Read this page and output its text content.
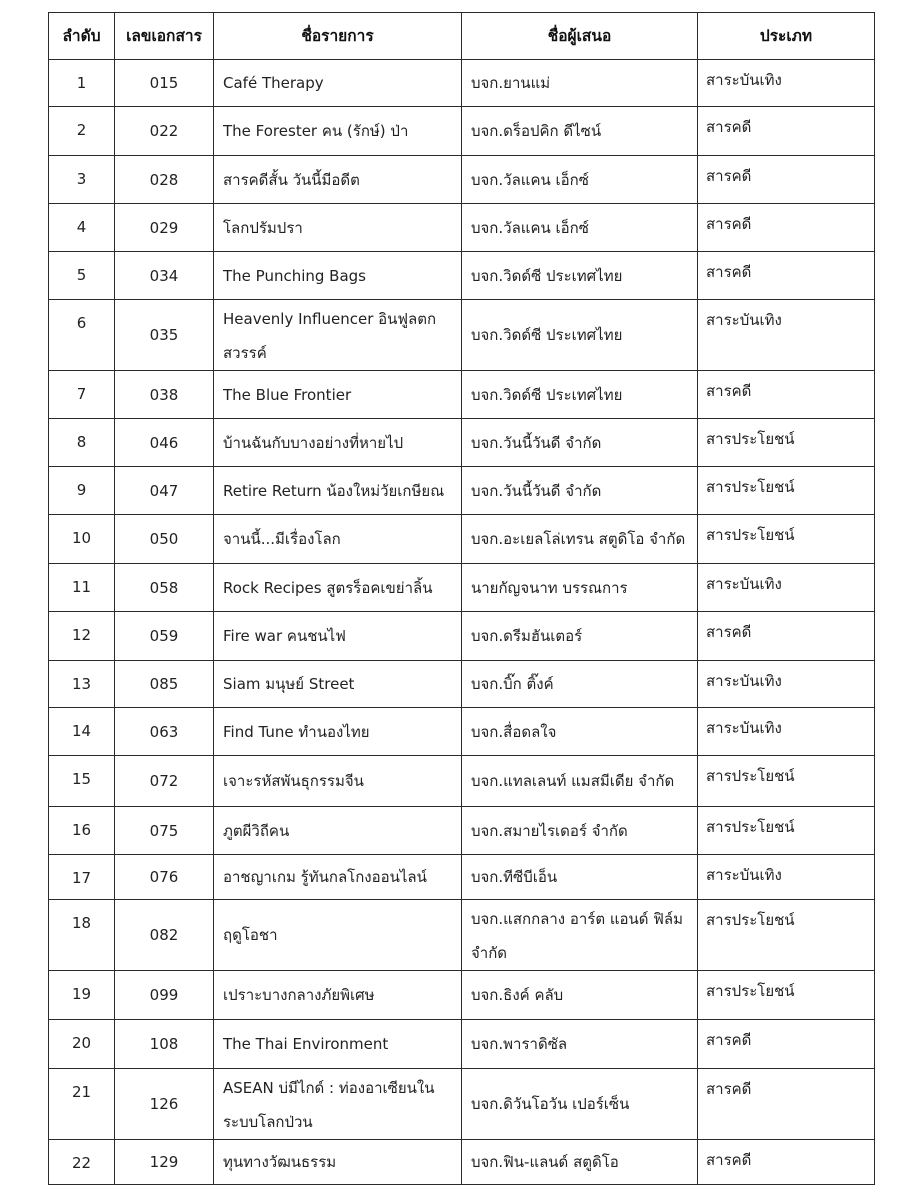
ลำดับ	เลขเอกสาร	ชื่อรายการ	ชื่อผู้เสนอ	ประเภท
1	015	Café Therapy	บจก.ยานแม่	สาระบันเทิง
2	022	The Forester คน (รักษ์) ป่า	บจก.ดร็อปคิก ดีไซน์	สารคดี
3	028	สารคดีสั้น วันนี้มีอดีต	บจก.วัลแคน เอ็กซ์	สารคดี
4	029	โลกปรัมปรา	บจก.วัลแคน เอ็กซ์	สารคดี
5	034	The Punching Bags	บจก.วิดด์ซี ประเทศไทย	สารคดี
6	035	Heavenly Influencer อินฟูลตก สวรรค์	บจก.วิดด์ซี ประเทศไทย	สาระบันเทิง
7	038	The Blue Frontier	บจก.วิดด์ซี ประเทศไทย	สารคดี
8	046	บ้านฉันกับบางอย่างที่หายไป	บจก.วันนี้วันดี จำกัด	สารประโยชน์
9	047	Retire Return น้องใหม่วัยเกษียณ	บจก.วันนี้วันดี จำกัด	สารประโยชน์
10	050	จานนี้...มีเรื่องโลก	บจก.อะเยลโล่เทรน สตูดิโอ จำกัด	สารประโยชน์
11	058	Rock Recipes สูตรร็อคเขย่าลิ้น	นายกัญจนาท บรรณการ	สาระบันเทิง
12	059	Fire war คนชนไฟ	บจก.ดรีมฮันเตอร์	สารคดี
13	085	Siam มนุษย์ Street	บจก.บิ๊ก ติ๊งค์	สาระบันเทิง
14	063	Find Tune ทำนองไทย	บจก.สื่อดลใจ	สาระบันเทิง
15	072	เจาะรหัสพันธุกรรมจีน	บจก.แทลเลนท์ แมสมีเดีย จำกัด	สารประโยชน์
16	075	ภูตผีวิถีคน	บจก.สมายไรเดอร์ จำกัด	สารประโยชน์
17	076	อาชญาเกม รู้ทันกลโกงออนไลน์	บจก.ทีซีบีเอ็น	สาระบันเทิง
18	082	ฤดูโอชา	บจก.แสกกลาง อาร์ต แอนด์ ฟิล์ม จำกัด	สารประโยชน์
19	099	เปราะบางกลางภัยพิเศษ	บจก.ธิงค์ คลับ	สารประโยชน์
20	108	The Thai Environment	บจก.พาราดิซัล	สารคดี
21	126	ASEAN บ่มีไกด์ : ท่องอาเซียนใน ระบบโลกป่วน	บจก.ดิวันโอวัน เปอร์เซ็น	สารคดี
22	129	ทุนทางวัฒนธรรม	บจก.ฟิน-แลนด์ สตูดิโอ	สารคดี
